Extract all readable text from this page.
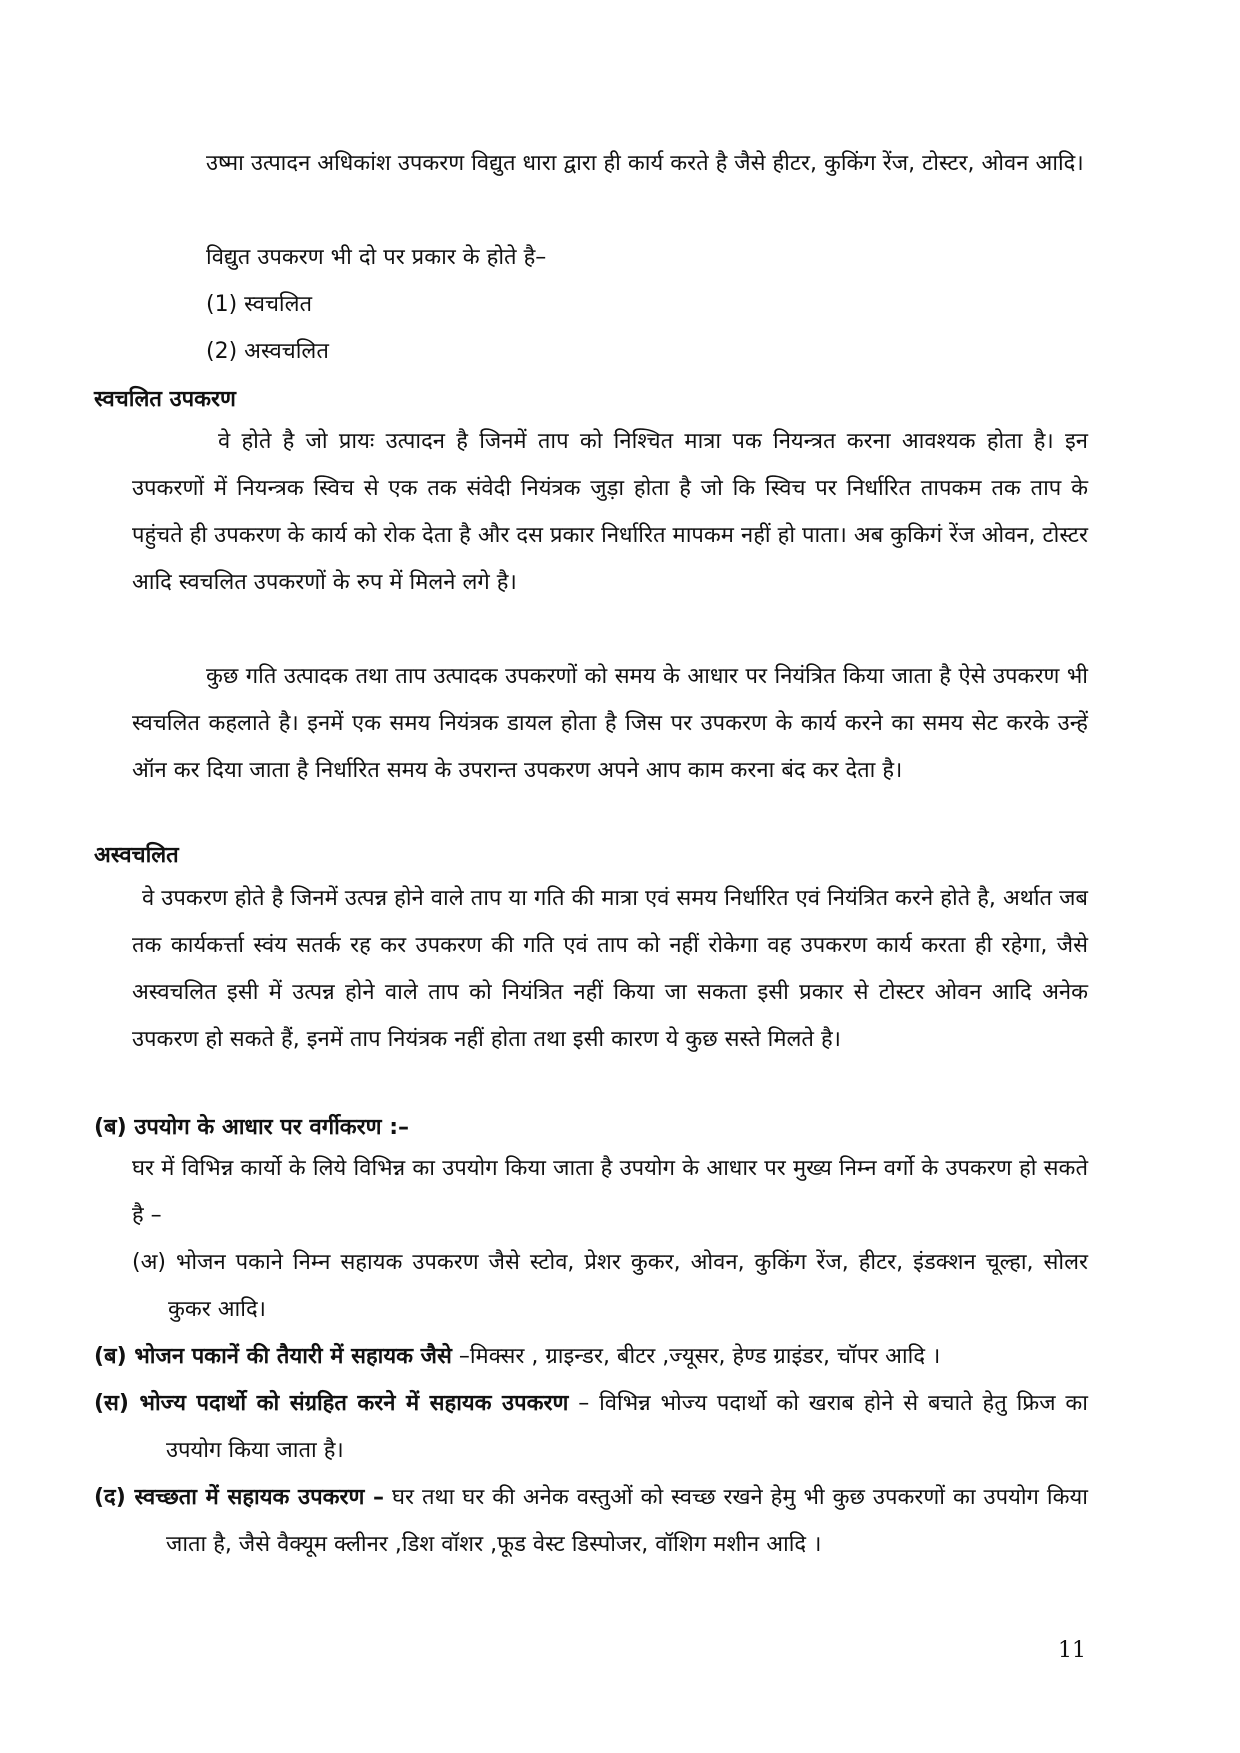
उष्मा उत्पादन अधिकांश उपकरण विद्युत धारा द्वारा ही कार्य करते है जैसे हीटर, कुकिंग रेंज, टोस्टर, ओवन आदि।

विद्युत उपकरण भी दो पर प्रकार के होते है–

(1) स्वचलित

(2) अस्वचलित

स्वचलित उपकरण

वे होते है जो प्रायः उत्पादन है जिनमें ताप को निश्चित मात्रा पक नियन्त्रत करना आवश्यक होता है। इन उपकरणों में नियन्त्रक स्विच से एक तक संवेदी नियंत्रक जुड़ा होता है जो कि स्विच पर निर्धारित तापकम तक ताप के पहुंचते ही उपकरण के कार्य को रोक देता है और दस प्रकार निर्धारित मापकम नहीं हो पाता। अब कुकिगं रेंज ओवन, टोस्टर आदि स्वचलित उपकरणों के रुप में मिलने लगे है।

कुछ गति उत्पादक तथा ताप उत्पादक उपकरणों को समय के आधार पर नियंत्रित किया जाता है ऐसे उपकरण भी स्वचलित कहलाते है। इनमें एक समय नियंत्रक डायल होता है जिस पर उपकरण के कार्य करने का समय सेट करके उन्हें ऑन कर दिया जाता है निर्धारित समय के उपरान्त उपकरण अपने आप काम करना बंद कर देता है।

अस्वचलित

वे उपकरण होते है जिनमें उत्पन्न होने वाले ताप या गति की मात्रा एवं समय निर्धारित एवं नियंत्रित करने होते है, अर्थात जब तक कार्यकर्त्ता स्वंय सतर्क रह कर उपकरण की गति एवं ताप को नहीं रोकेगा वह उपकरण कार्य करता ही रहेगा, जैसे अस्वचलित इसी में उत्पन्न होने वाले ताप को नियंत्रित नहीं किया जा सकता इसी प्रकार से टोस्टर ओवन आदि अनेक उपकरण हो सकते हैं, इनमें ताप नियंत्रक नहीं होता तथा इसी कारण ये कुछ सस्ते मिलते है।

(ब) उपयोग के आधार पर वर्गीकरण :–

घर में विभिन्न कार्यो के लिये विभिन्न का उपयोग किया जाता है उपयोग के आधार पर मुख्य निम्न वर्गो के उपकरण हो सकते है –

(अ) भोजन पकाने निम्न सहायक उपकरण जैसे स्टोव, प्रेशर कुकर, ओवन, कुकिंग रेंज, हीटर, इंडक्शन चूल्हा, सोलर कुकर आदि।

(ब) भोजन पकानें की तैयारी में सहायक जैसे –मिक्सर , ग्राइन्डर, बीटर ,ज्यूसर, हेण्ड ग्राइंडर, चॉपर आदि ।

(स) भोज्य पदार्थो को संग्रहित करने में सहायक उपकरण – विभिन्न भोज्य पदार्थो को खराब होने से बचाते हेतु फ्रिज का उपयोग किया जाता है।

(द) स्वच्छता में सहायक उपकरण – घर तथा घर की अनेक वस्तुओं को स्वच्छ रखने हेमु भी कुछ उपकरणों का उपयोग किया जाता है, जैसे वैक्यूम क्लीनर ,डिश वॉशर ,फूड वेस्ट डिस्पोजर, वॉशिग मशीन आदि ।

11
